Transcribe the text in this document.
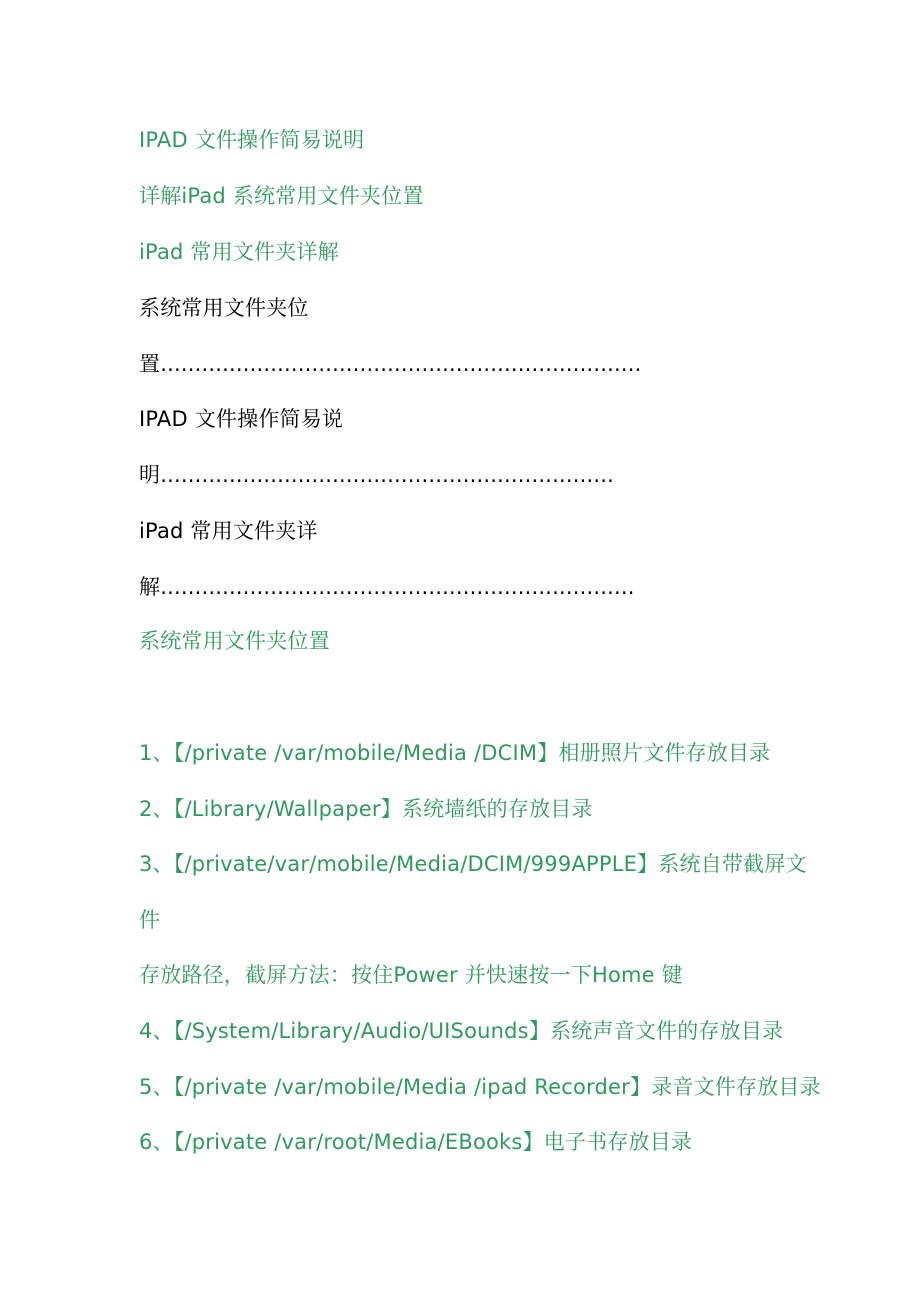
IPAD 文件操作简易说明
详解iPad 系统常用文件夹位置
iPad 常用文件夹详解
系统常用文件夹位
置......................................................................
IPAD 文件操作简易说
明..................................................................
iPad 常用文件夹详
解.....................................................................
系统常用文件夹位置
1、【/private /var/mobile/Media /DCIM】相册照片文件存放目录
2、【/Library/Wallpaper】系统墙纸的存放目录
3、【/private/var/mobile/Media/DCIM/999APPLE】系统自带截屏文
件
存放路径，截屏方法：按住Power 并快速按一下Home 键
4、【/System/Library/Audio/UISounds】系统声音文件的存放目录
5、【/private /var/mobile/Media /ipad Recorder】录音文件存放目录
6、【/private /var/root/Media/EBooks】电子书存放目录
